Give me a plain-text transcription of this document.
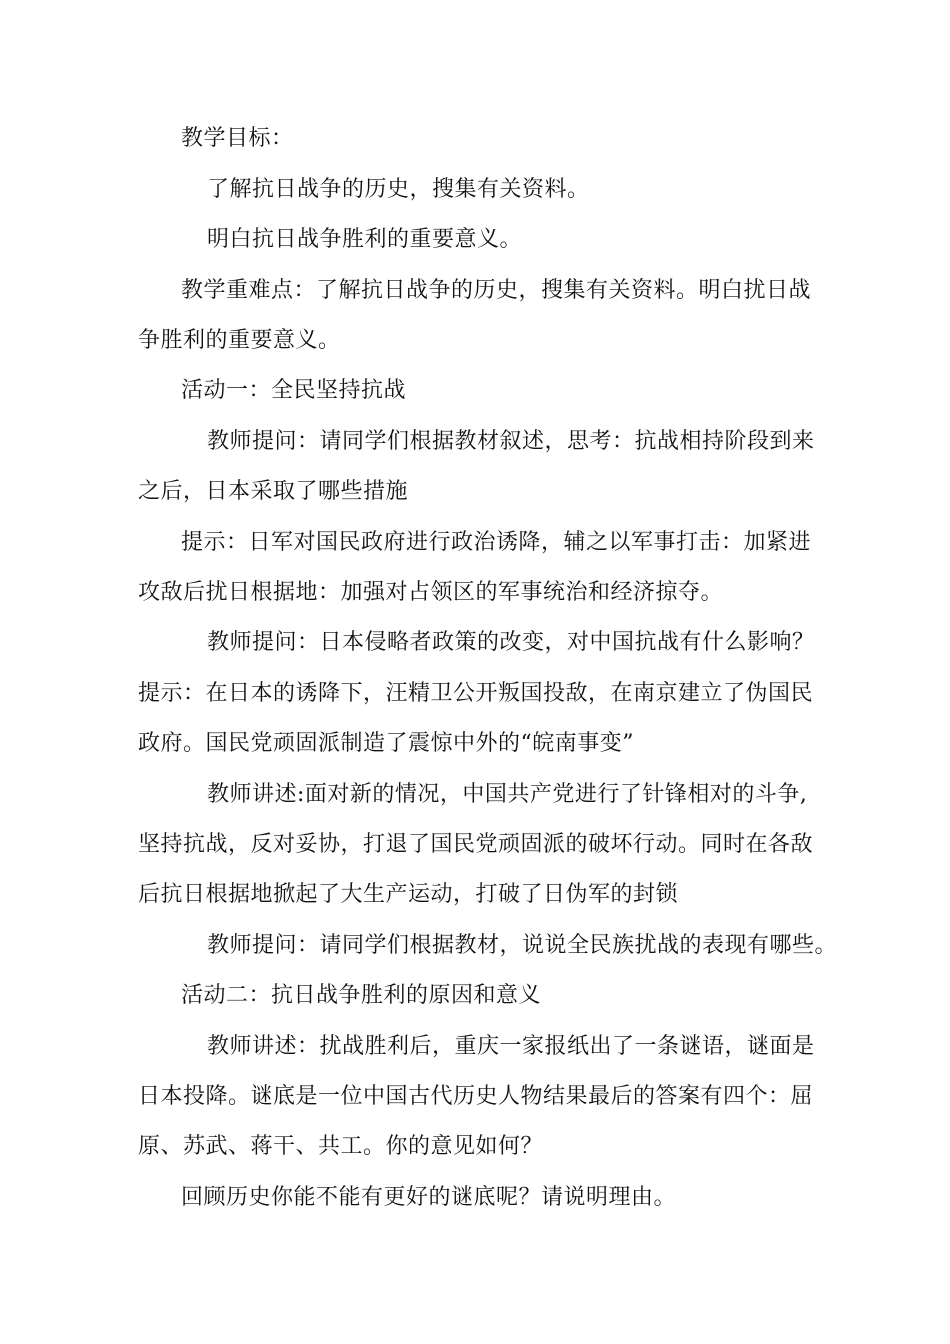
教学目标：
了解抗日战争的历史，搜集有关资料。
明白抗日战争胜利的重要意义。
教学重难点：了解抗日战争的历史，搜集有关资料。明白扰日战
争胜利的重要意义。
活动一：全民坚持抗战
教师提问：请同学们根据教材叙述，思考：抗战相持阶段到来
之后，日本采取了哪些措施
提示：日军对国民政府进行政治诱降，辅之以军事打击：加紧进
攻敌后扰日根据地：加强对占领区的军事统治和经济掠夺。
教师提问：日本侵略者政策的改变，对中国抗战有什么影响？
提示：在日本的诱降下，汪精卫公开叛国投敌，在南京建立了伪国民
政府。国民党顽固派制造了震惊中外的“皖南事变”
教师讲述:面对新的情况，中国共产党进行了针锋相对的斗争,
坚持抗战，反对妥协，打退了国民党顽固派的破坏行动。同时在各敌
后抗日根据地掀起了大生产运动，打破了日伪军的封锁
教师提问：请同学们根据教材，说说全民族扰战的表现有哪些。
活动二：抗日战争胜利的原因和意义
教师讲述：扰战胜利后，重庆一家报纸出了一条谜语，谜面是
日本投降。谜底是一位中国古代历史人物结果最后的答案有四个：屈
原、苏武、蒋干、共工。你的意见如何？
回顾历史你能不能有更好的谜底呢？请说明理由。
